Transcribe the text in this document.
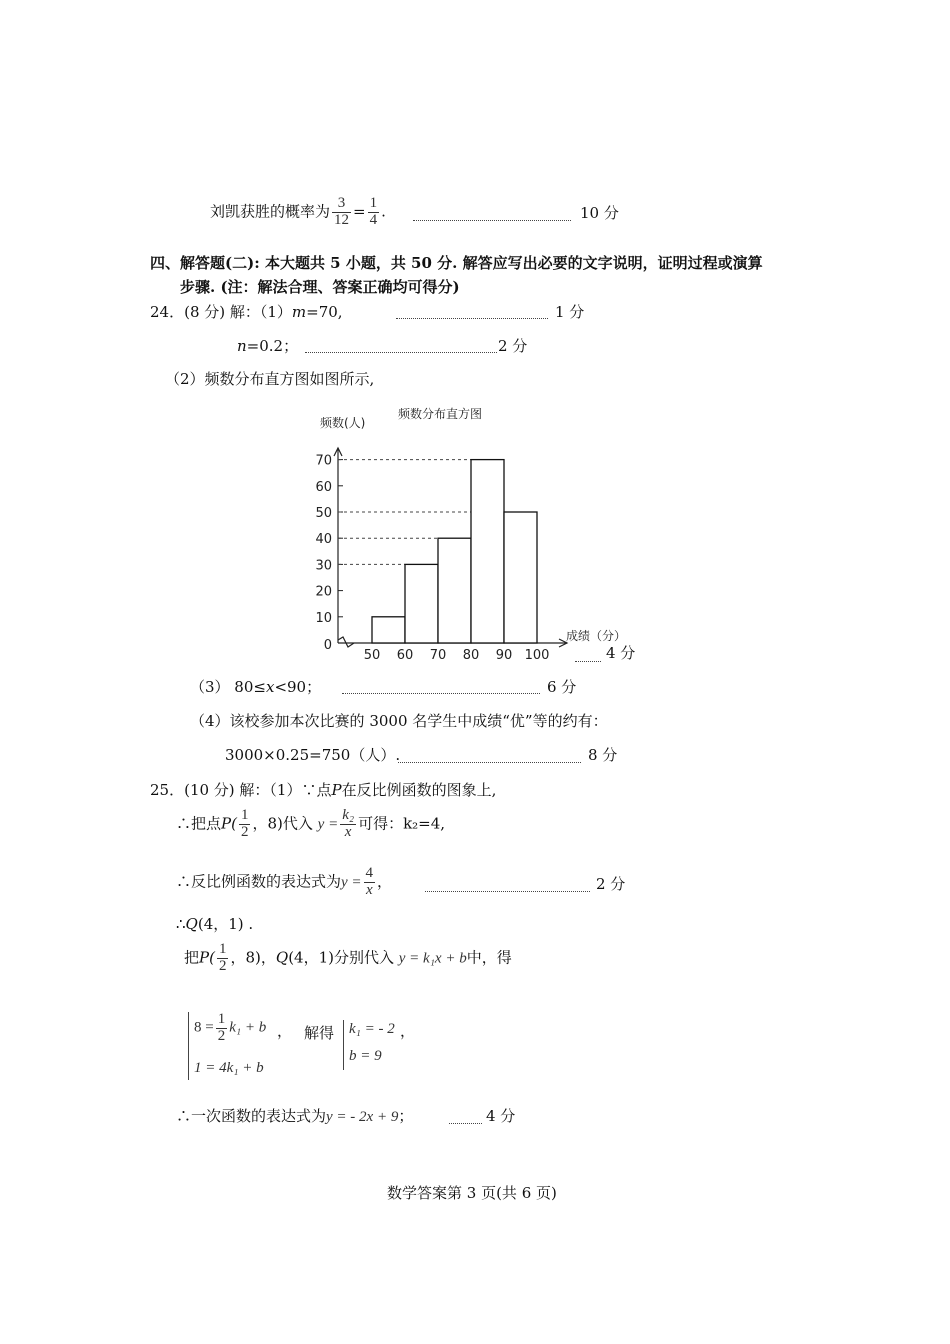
刘凯获胜的概率为 $\frac{3}{12} = \frac{1}{4}$ .	10 分
四、解答题(二): 本大题共 5 小题，共 50 分. 解答应写出必要的文字说明，证明过程或演算
步骤. (注：解法合理、答案正确均可得分)
24．(8 分) 解：（1）m=70,	1 分
n=0.2；	2 分
（2）频数分布直方图如图所示,
频数(人)
频数分布直方图
成绩（分）
0
10
20
30
40
50
60
70
50 60 70 80 90 100	4 分
（3） 80≤x<90；	6 分
（4）该校参加本次比赛的 3000 名学生中成绩“优”等的约有：
3000×0.25=750（人）.	8 分
25．(10 分) 解：（1）∵点P在反比例函数的图象上,
∴把点$P( \frac{1}{2}$ ，8)代入 $y = \frac{\text{k₂}}{x}$ 可得：k₂=4,
∴反比例函数的表达式为$y = \frac{4}{x}$ ，	2 分
∴Q(4，1) .
把$P( \frac{1}{2}$ ，8)，Q(4，1)分别代入 y = k₁x + b中，得
$8 = \frac{1}{2} k_1 + b$ ，
1 = 4k₁ + b
解得 k₁ = - 2 ，
b = 9
∴一次函数的表达式为y = - 2x + 9；	4 分
数学答案第 3 页(共 6 页)
